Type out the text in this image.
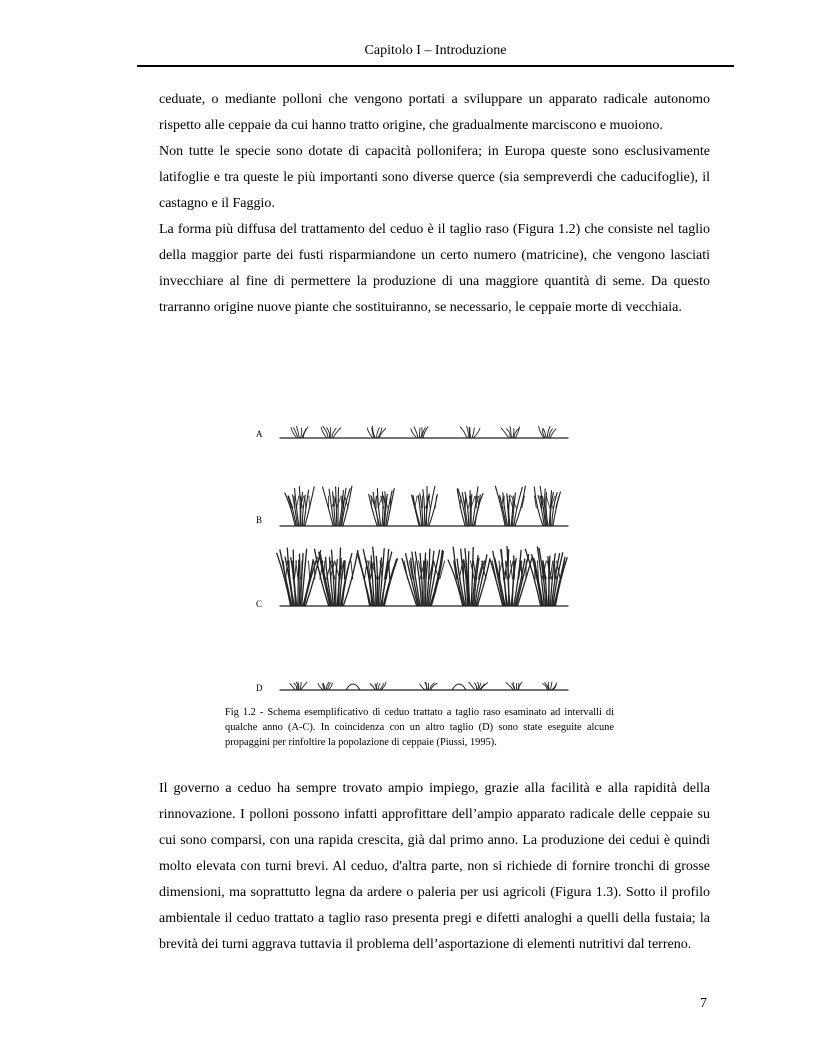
Capitolo I – Introduzione

ceduate, o mediante polloni che vengono portati a sviluppare un apparato radicale autonomo rispetto alle ceppaie da cui hanno tratto origine, che gradualmente marciscono e muoiono.

Non tutte le specie sono dotate di capacità pollonifera; in Europa queste sono esclusivamente latifoglie e tra queste le più importanti sono diverse querce (sia sempreverdi che caducifoglie), il castagno e il Faggio.

La forma più diffusa del trattamento del ceduo è il taglio raso (Figura 1.2) che consiste nel taglio della maggior parte dei fusti risparmiandone un certo numero (matricine), che vengono lasciati invecchiare al fine di permettere la produzione di una maggiore quantità di seme. Da questo trarranno origine nuove piante che sostituiranno, se necessario, le ceppaie morte di vecchiaia.

A
B
C
D
Fig 1.2 - Schema esemplificativo di ceduo trattato a taglio raso esaminato ad intervalli di qualche anno (A-C). In coincidenza con un altro taglio (D) sono state eseguite alcune propaggini per rinfoltire la popolazione di ceppaie (Piussi, 1995).

Il governo a ceduo ha sempre trovato ampio impiego, grazie alla facilità e alla rapidità della rinnovazione. I polloni possono infatti approfittare dell’ampio apparato radicale delle ceppaie su cui sono comparsi, con una rapida crescita, già dal primo anno. La produzione dei cedui è quindi molto elevata con turni brevi. Al ceduo, d'altra parte, non si richiede di fornire tronchi di grosse dimensioni, ma soprattutto legna da ardere o paleria per usi agricoli (Figura 1.3). Sotto il profilo ambientale il ceduo trattato a taglio raso presenta pregi e difetti analoghi a quelli della fustaia; la brevità dei turni aggrava tuttavia il problema dell’asportazione di elementi nutritivi dal terreno.

7
